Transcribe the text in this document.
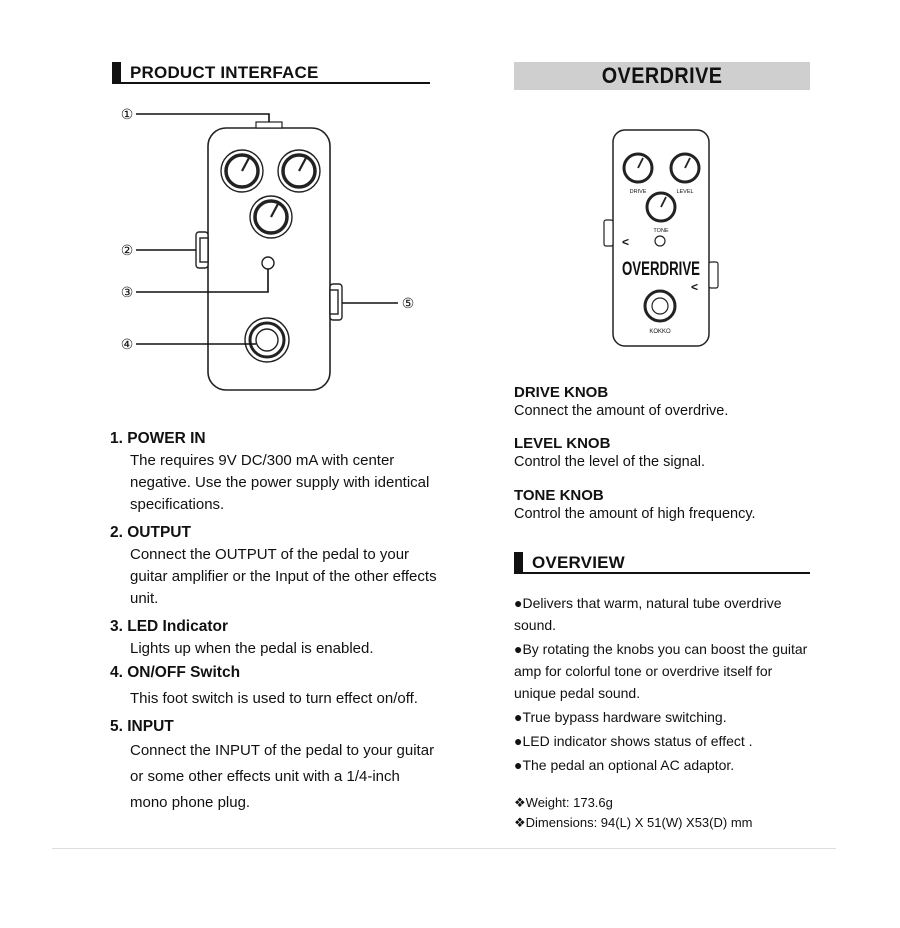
PRODUCT INTERFACE
①
②
③
④
⑤
OVERDRIVE
DRIVE	LEVEL
TONE
<
OVERDRIVE
<
KOKKO
1. POWER IN
The requires 9V DC/300 mA with center negative. Use the power supply with identical specifications.
2. OUTPUT
Connect the OUTPUT of the pedal to your guitar amplifier or the Input of the other effects unit.
3. LED Indicator
Lights up when the pedal is enabled.
4. ON/OFF Switch
This foot switch is used to turn effect on/off.
5. INPUT
Connect the INPUT of the pedal to your guitar or some other effects unit with a 1/4-inch mono phone plug.
DRIVE KNOB
Connect the amount of overdrive.
LEVEL KNOB
Control the level of the signal.
TONE KNOB
Control the amount of high frequency.
OVERVIEW
●Delivers that warm, natural tube overdrive sound.
●By rotating the knobs you can boost the guitar amp for colorful tone or overdrive itself for unique pedal sound.
●True bypass hardware switching.
●LED indicator shows status of effect .
●The pedal an optional AC adaptor.
❖Weight: 173.6g
❖Dimensions: 94(L) X 51(W) X53(D) mm
